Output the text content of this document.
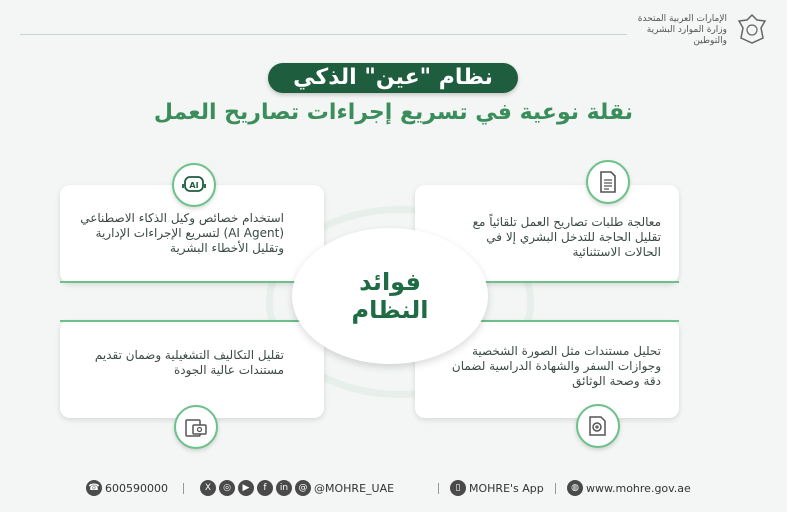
الإمارات العربية المتحدة
وزارة الموارد البشرية
والتوطين
نظام "عين" الذكي
نقلة نوعية في تسريع إجراءات تصاريح العمل
استخدام خصائص وكيل الذكاء الاصطناعي (AI Agent) لتسريع الإجراءات الإدارية وتقليل الأخطاء البشرية
معالجة طلبات تصاريح العمل تلقائياً مع تقليل الحاجة للتدخل البشري إلا في الحالات الاستثنائية
تقليل التكاليف التشغيلية وضمان تقديم مستندات عالية الجودة
تحليل مستندات مثل الصورة الشخصية وجوازات السفر والشهادة الدراسية لضمان دقة وصحة الوثائق
فوائد
النظام
AI
☎ 600590000	X	◎	▶	f	in	@ @MOHRE_UAE	▯ MOHRE's App	◍ www.mohre.gov.ae
